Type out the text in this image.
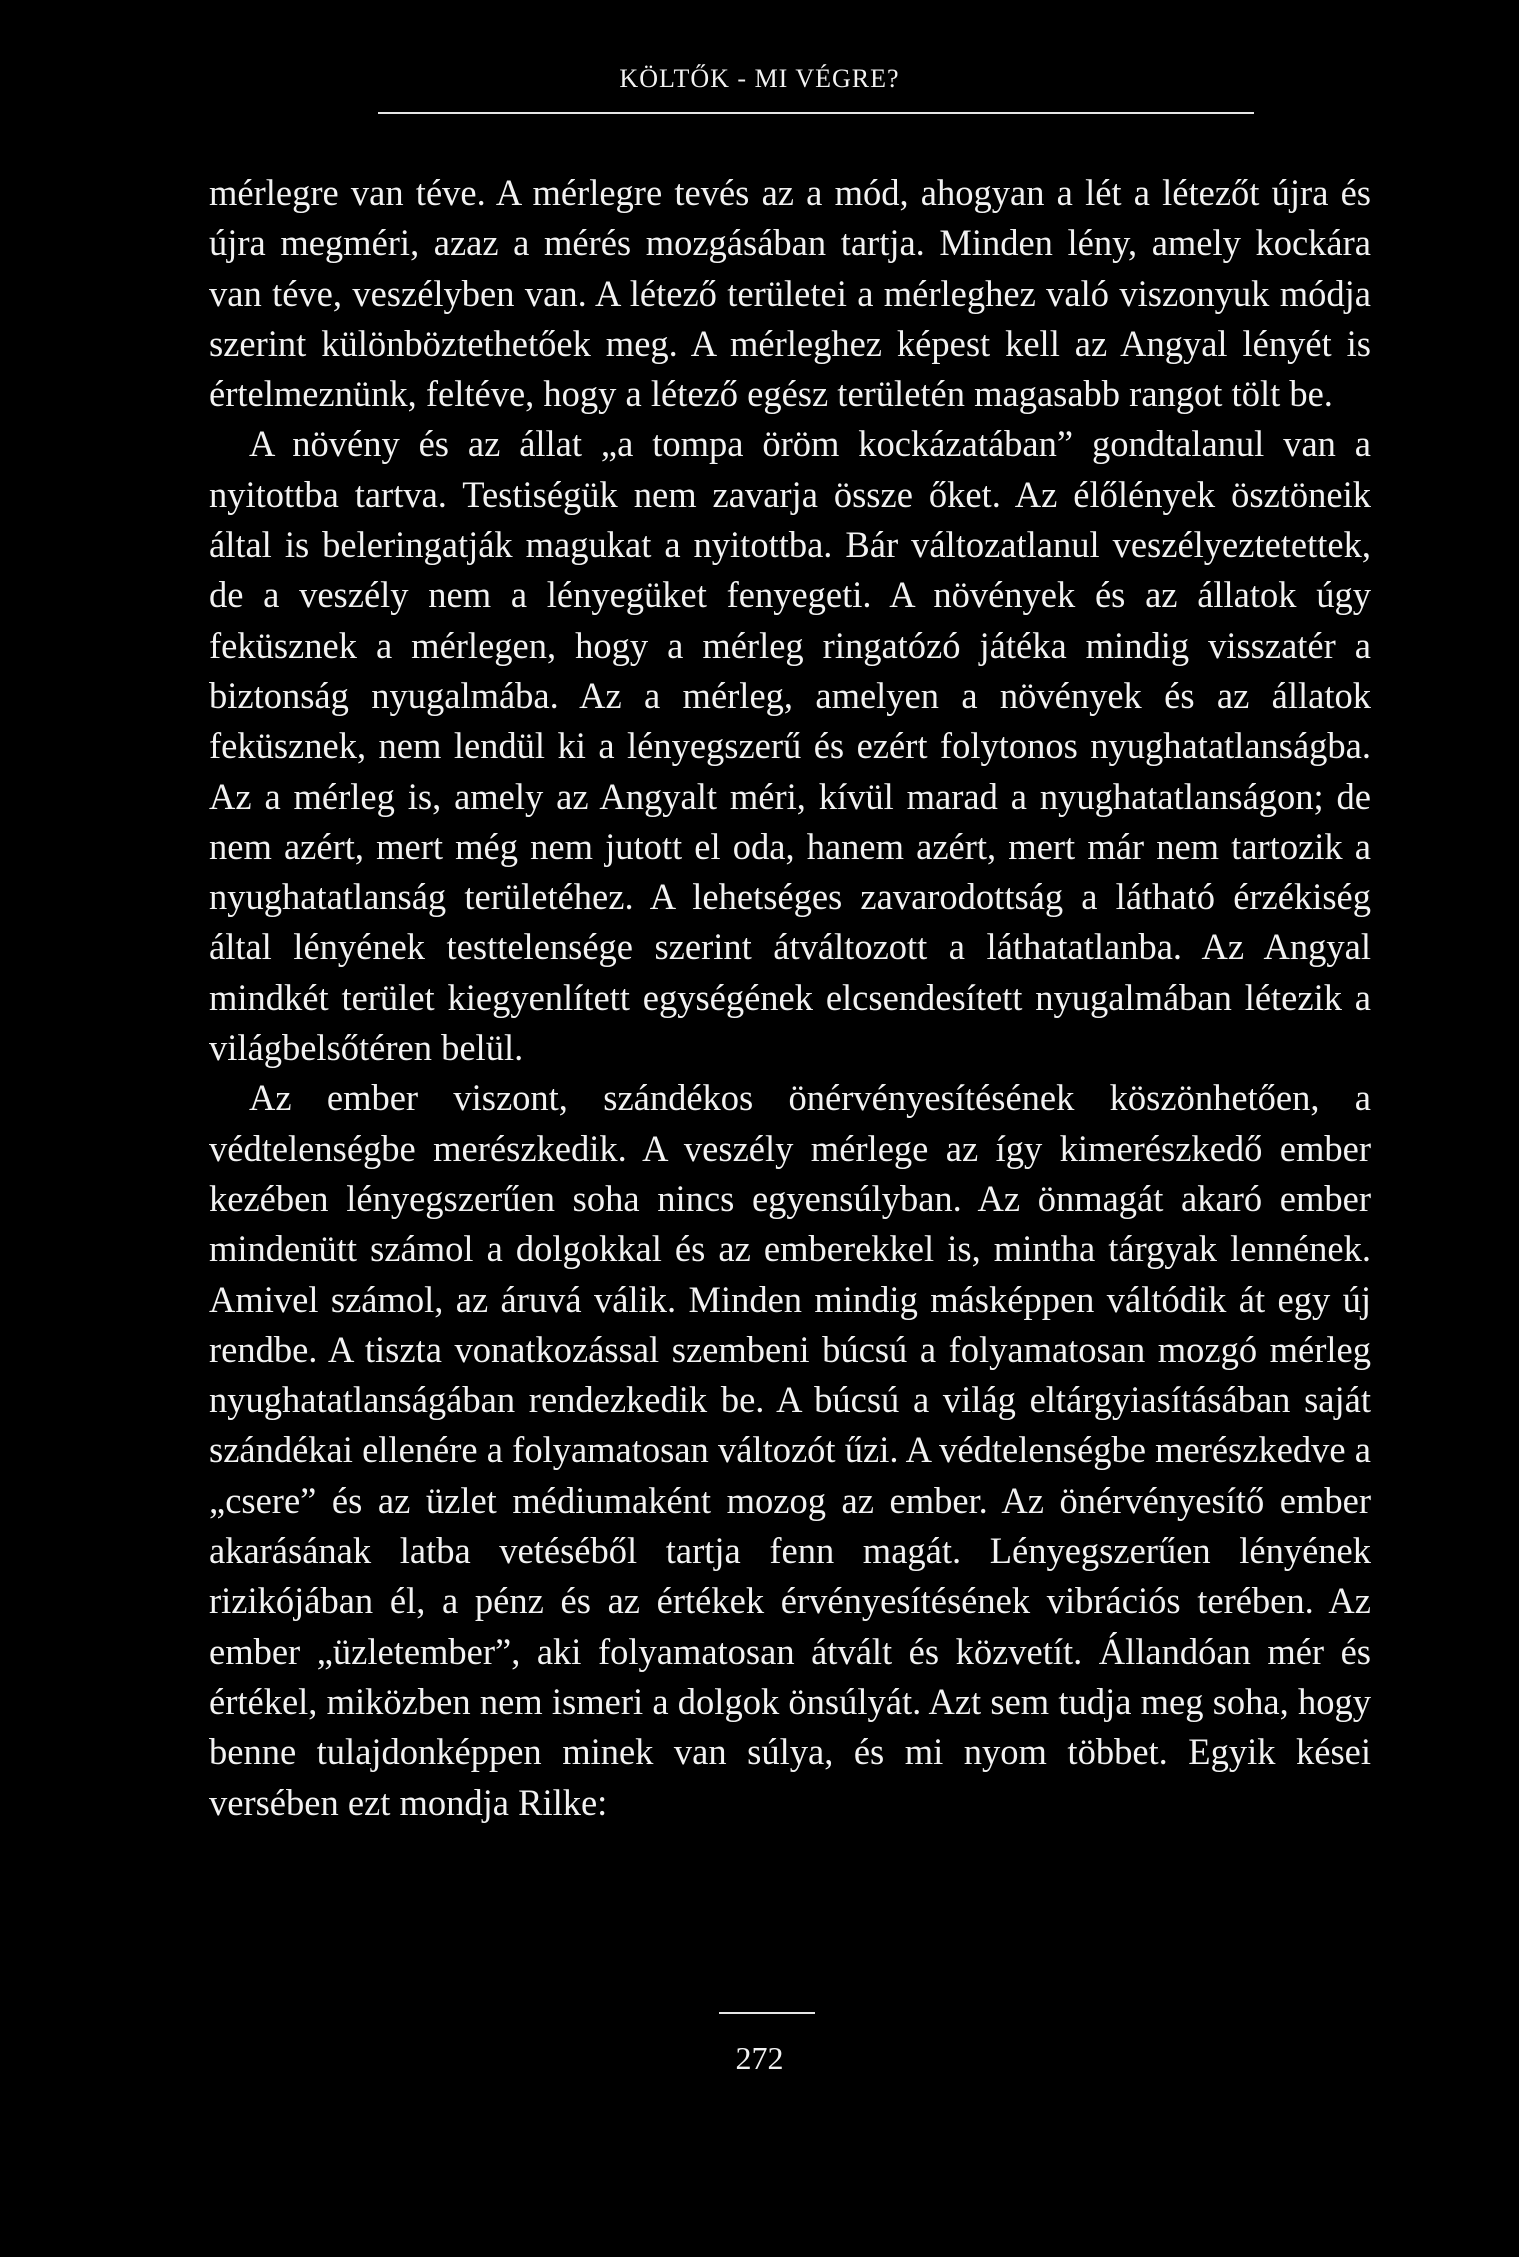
KÖLTŐK - MI VÉGRE?

mérlegre van téve. A mérlegre tevés az a mód, ahogyan a lét a létezőt újra és újra megméri, azaz a mérés mozgásában tartja. Minden lény, amely kockára van téve, veszélyben van. A létező területei a mérleghez való viszonyuk módja szerint különböztethetőek meg. A mérleghez képest kell az Angyal lényét is értelmeznünk, feltéve, hogy a létező egész területén magasabb rangot tölt be.

A növény és az állat „a tompa öröm kockázatában” gondtalanul van a nyitottba tartva. Testiségük nem zavarja össze őket. Az élőlények ösztöneik által is beleringatják magukat a nyitottba. Bár változatlanul veszélyeztetettek, de a veszély nem a lényegüket fenyegeti. A növények és az állatok úgy feküsznek a mérlegen, hogy a mérleg ringatózó játéka mindig visszatér a biztonság nyugalmába. Az a mérleg, amelyen a növények és az állatok feküsznek, nem lendül ki a lényegszerű és ezért folytonos nyughatatlanságba. Az a mérleg is, amely az Angyalt méri, kívül marad a nyughatatlanságon; de nem azért, mert még nem jutott el oda, hanem azért, mert már nem tartozik a nyughatatlanság területéhez. A lehetséges zavarodottság a látható érzékiség által lényének testtelensége szerint átváltozott a láthatatlanba. Az Angyal mindkét terület kiegyenlített egységének elcsendesített nyugalmában létezik a világbelsőtéren belül.

Az ember viszont, szándékos önérvényesítésének köszönhetően, a védtelenségbe merészkedik. A veszély mérlege az így kimerészkedő ember kezében lényegszerűen soha nincs egyensúlyban. Az önmagát akaró ember mindenütt számol a dolgokkal és az emberekkel is, mintha tárgyak lennének. Amivel számol, az áruvá válik. Minden mindig másképpen váltódik át egy új rendbe. A tiszta vonatkozással szembeni búcsú a folyamatosan mozgó mérleg nyughatatlanságában rendezkedik be. A búcsú a világ eltárgyiasításában saját szándékai ellenére a folyamatosan változót űzi. A védtelenségbe merészkedve a „csere” és az üzlet médiumaként mozog az ember. Az önérvényesítő ember akarásának latba vetéséből tartja fenn magát. Lényegszerűen lényének rizikójában él, a pénz és az értékek érvényesítésének vibrációs terében. Az ember „üzletember”, aki folyamatosan átvált és közvetít. Állandóan mér és értékel, miközben nem ismeri a dolgok önsúlyát. Azt sem tudja meg soha, hogy benne tulajdonképpen minek van súlya, és mi nyom többet. Egyik kései versében ezt mondja Rilke:

272
